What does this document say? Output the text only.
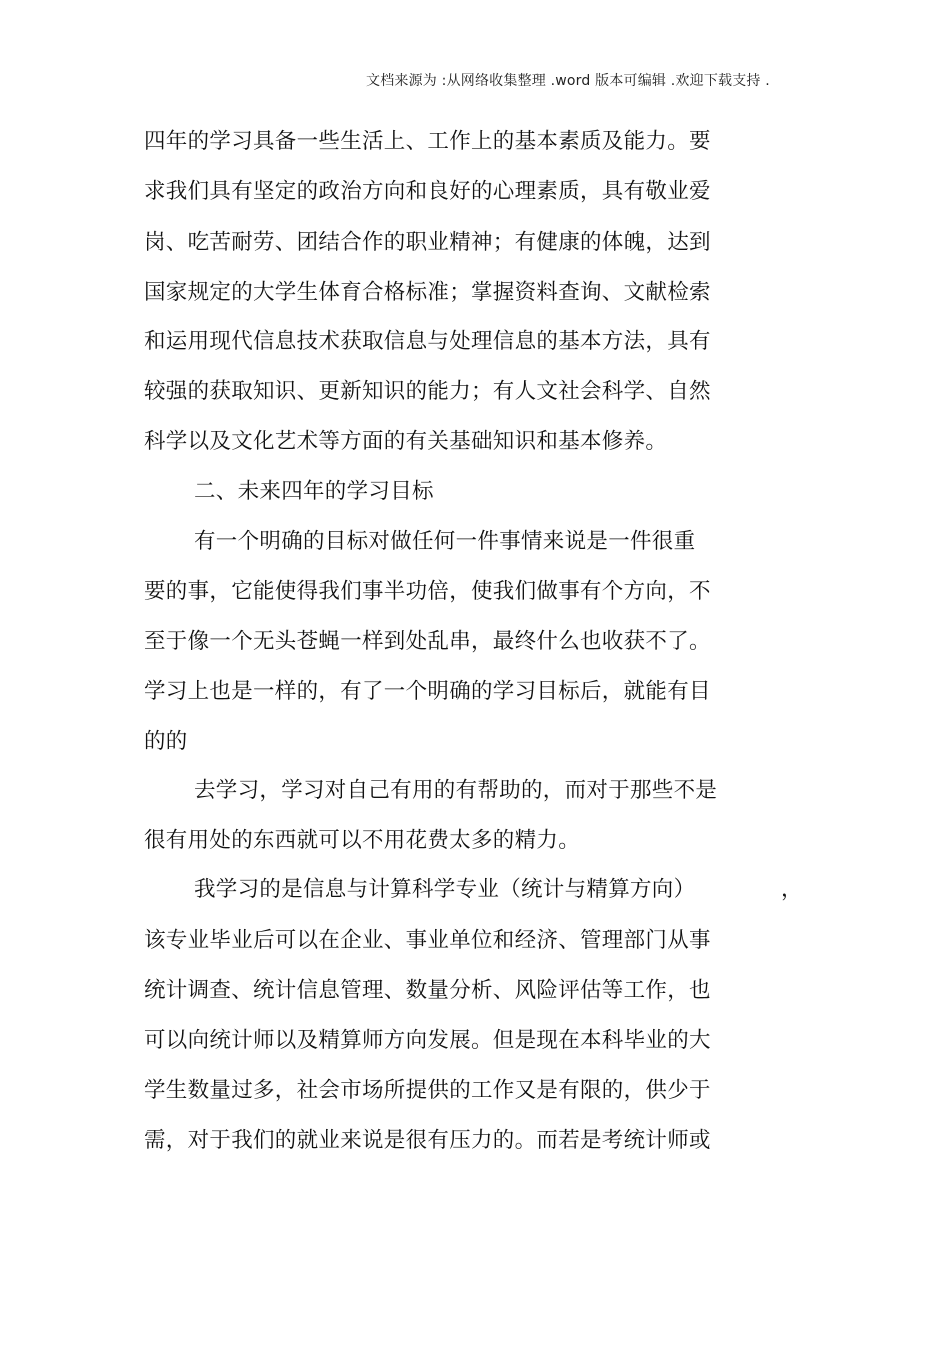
文档来源为 :从网络收集整理 .word 版本可编辑 .欢迎下载支持 .
四年的学习具备一些生活上、工作上的基本素质及能力。要
求我们具有坚定的政治方向和良好的心理素质，具有敬业爱
岗、吃苦耐劳、团结合作的职业精神；有健康的体魄，达到
国家规定的大学生体育合格标准；掌握资料查询、文献检索
和运用现代信息技术获取信息与处理信息的基本方法，具有
较强的获取知识、更新知识的能力；有人文社会科学、自然
科学以及文化艺术等方面的有关基础知识和基本修养。
二、未来四年的学习目标
有一个明确的目标对做任何一件事情来说是一件很重
要的事，它能使得我们事半功倍，使我们做事有个方向，不
至于像一个无头苍蝇一样到处乱串，最终什么也收获不了。
学习上也是一样的，有了一个明确的学习目标后，就能有目
的的
去学习，学习对自己有用的有帮助的，而对于那些不是
很有用处的东西就可以不用花费太多的精力。
我学习的是信息与计算科学专业（统计与精算方向）	，
该专业毕业后可以在企业、事业单位和经济、管理部门从事
统计调查、统计信息管理、数量分析、风险评估等工作，也
可以向统计师以及精算师方向发展。但是现在本科毕业的大
学生数量过多，社会市场所提供的工作又是有限的，供少于
需，对于我们的就业来说是很有压力的。而若是考统计师或
